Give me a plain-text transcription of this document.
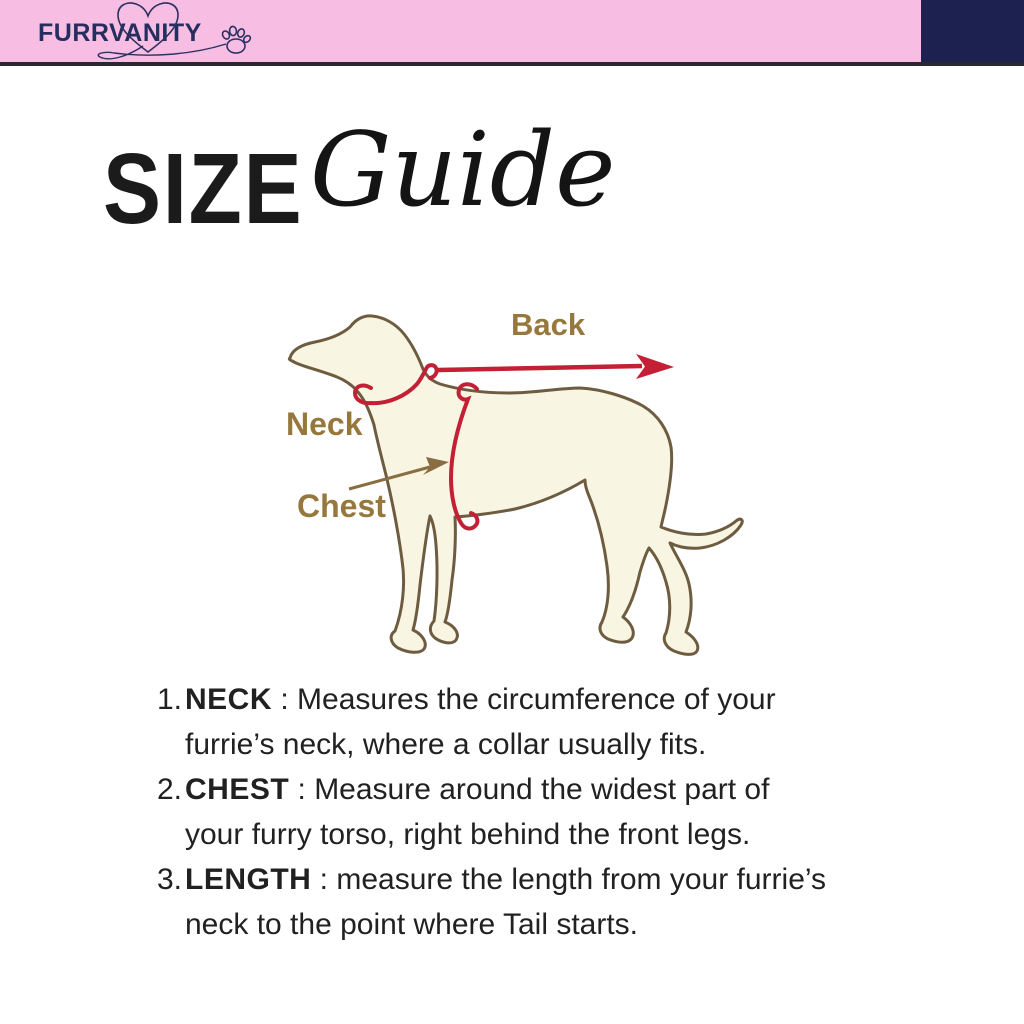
FURRVANITY
SIZE Guide
Back
Neck
Chest
1. NECK : Measures the circumference of your
furrie’s neck, where a collar usually fits.
2. CHEST : Measure around the widest part of
your furry torso, right behind the front legs.
3. LENGTH : measure the length from your furrie’s
neck to the point where Tail starts.
